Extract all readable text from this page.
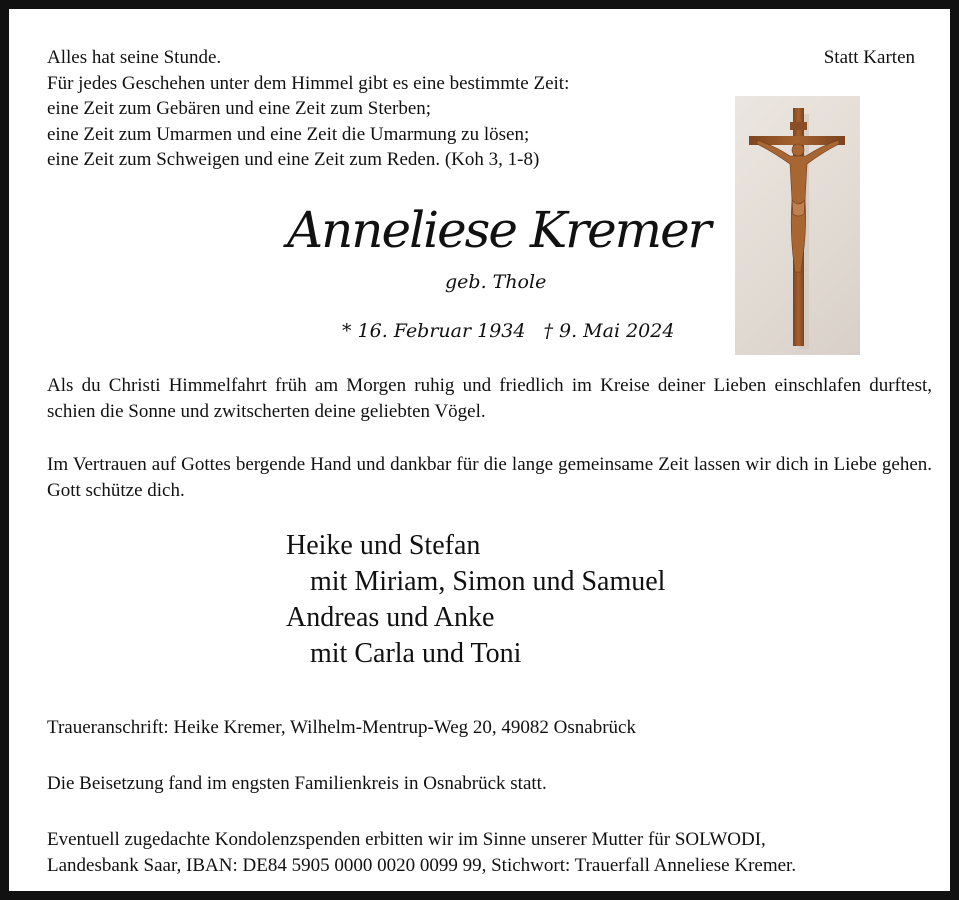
Alles hat seine Stunde.
Für jedes Geschehen unter dem Himmel gibt es eine bestimmte Zeit:
eine Zeit zum Gebären und eine Zeit zum Sterben;
eine Zeit zum Umarmen und eine Zeit die Umarmung zu lösen;
eine Zeit zum Schweigen und eine Zeit zum Reden. (Koh 3, 1-8)
Statt Karten
Anneliese Kremer
geb. Thole
* 16. Februar 1934 † 9. Mai 2024
Als du Christi Himmelfahrt früh am Morgen ruhig und friedlich im Kreise deiner Lieben einschlafen durftest, schien die Sonne und zwitscherten deine geliebten Vögel.
Im Vertrauen auf Gottes bergende Hand und dankbar für die lange gemeinsame Zeit lassen wir dich in Liebe gehen. Gott schütze dich.
Heike und Stefan
mit Miriam, Simon und Samuel
Andreas und Anke
mit Carla und Toni
Traueranschrift: Heike Kremer, Wilhelm-Mentrup-Weg 20, 49082 Osnabrück
Die Beisetzung fand im engsten Familienkreis in Osnabrück statt.
Eventuell zugedachte Kondolenzspenden erbitten wir im Sinne unserer Mutter für SOLWODI,
Landesbank Saar, IBAN: DE84 5905 0000 0020 0099 99, Stichwort: Trauerfall Anneliese Kremer.
